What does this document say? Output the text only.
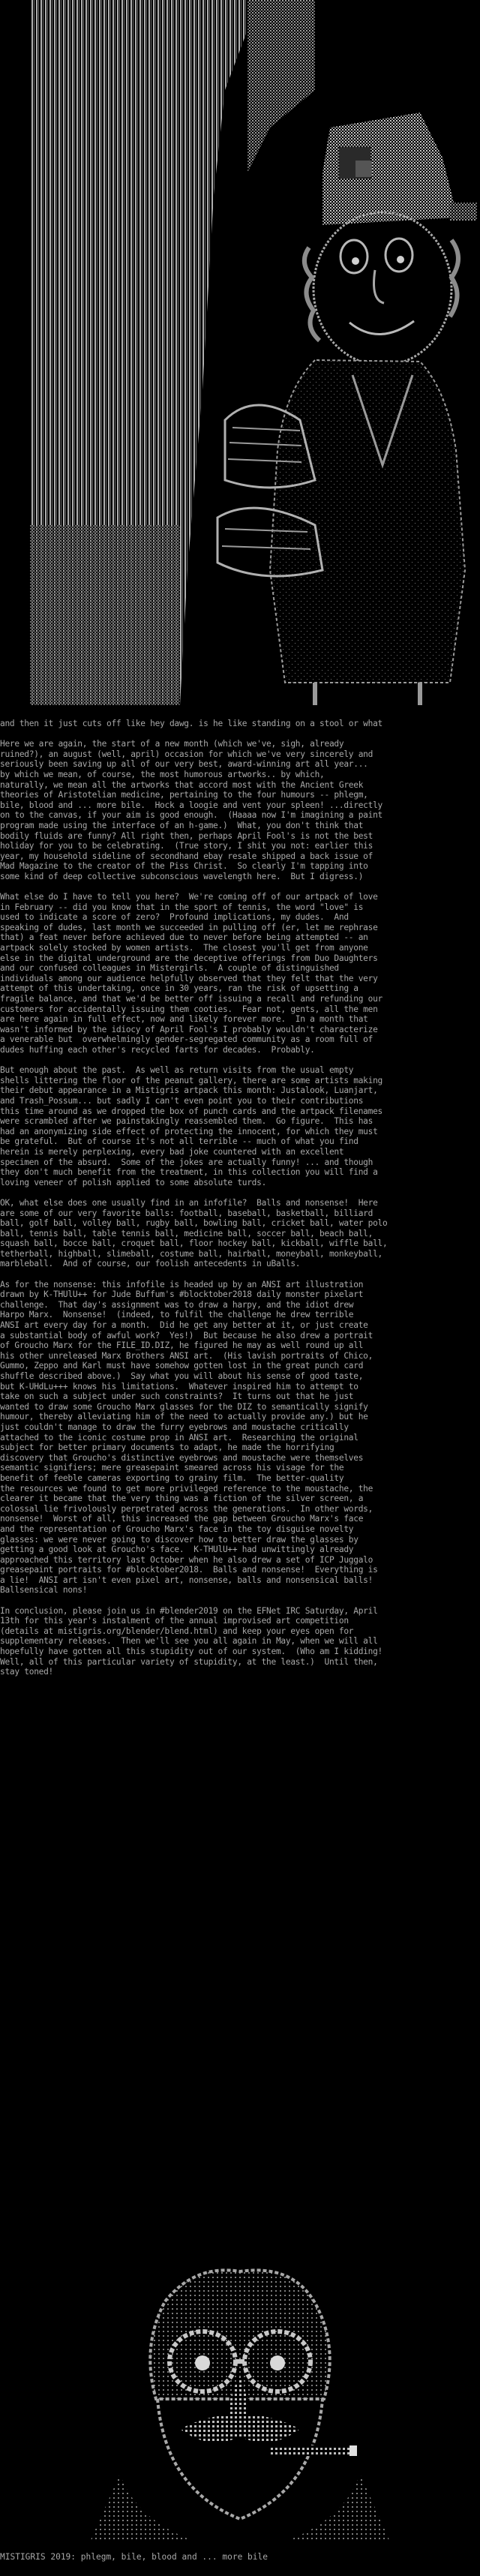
and then it just cuts off like hey dawg. is he like standing on a stool or what

Here we are again, the start of a new month (which we've, sigh, already
ruined?), an august (well, april) occasion for which we've very sincerely and
seriously been saving up all of our very best, award-winning art all year...
by which we mean, of course, the most humorous artworks.. by which,
naturally, we mean all the artworks that accord most with the Ancient Greek
theories of Aristotelian medicine, pertaining to the four humours -- phlegm,
bile, blood and ... more bile.  Hock a loogie and vent your spleen! ...directly
on to the canvas, if your aim is good enough.  (Haaaa now I'm imagining a paint
program made using the interface of an h-game.)  What, you don't think that
bodily fluids are funny? All right then, perhaps April Fool's is not the best
holiday for you to be celebrating.  (True story, I shit you not: earlier this
year, my household sideline of secondhand ebay resale shipped a back issue of
Mad Magazine to the creator of the Piss Christ.  So clearly I'm tapping into
some kind of deep collective subconscious wavelength here.  But I digress.)

What else do I have to tell you here?  We're coming off of our artpack of love
in February -- did you know that in the sport of tennis, the word "love" is
used to indicate a score of zero?  Profound implications, my dudes.  And
speaking of dudes, last month we succeeded in pulling off (er, let me rephrase
that) a feat never before achieved due to never before being attempted -- an
artpack solely stocked by women artists.  The closest you'll get from anyone
else in the digital underground are the deceptive offerings from Duo Daughters
and our confused colleagues in Mistergirls.  A couple of distinguished
individuals among our audience helpfully observed that they felt that the very
attempt of this undertaking, once in 30 years, ran the risk of upsetting a
fragile balance, and that we'd be better off issuing a recall and refunding our
customers for accidentally issuing them cooties.  Fear not, gents, all the men
are here again in full effect, now and likely forever more.  In a month that
wasn't informed by the idiocy of April Fool's I probably wouldn't characterize
a venerable but  overwhelmingly gender-segregated community as a room full of
dudes huffing each other's recycled farts for decades.  Probably.

But enough about the past.  As well as return visits from the usual empty
shells littering the floor of the peanut gallery, there are some artists making
their debut appearance in a Mistigris artpack this month: Justalook, Luanjart,
and Trash_Possum... but sadly I can't even point you to their contributions
this time around as we dropped the box of punch cards and the artpack filenames
were scrambled after we painstakingly reassembled them.  Go figure.  This has
had an anonymizing side effect of protecting the innocent, for which they must
be grateful.  But of course it's not all terrible -- much of what you find
herein is merely perplexing, every bad joke countered with an excellent
specimen of the absurd.  Some of the jokes are actually funny! ... and though
they don't much benefit from the treatment, in this collection you will find a
loving veneer of polish applied to some absolute turds.

OK, what else does one usually find in an infofile?  Balls and nonsense!  Here
are some of our very favorite balls: football, baseball, basketball, billiard
ball, golf ball, volley ball, rugby ball, bowling ball, cricket ball, water polo
ball, tennis ball, table tennis ball, medicine ball, soccer ball, beach ball,
squash ball, bocce ball, croquet ball, floor hockey ball, kickball, wiffle ball,
tetherball, highball, slimeball, costume ball, hairball, moneyball, monkeyball,
marbleball.  And of course, our foolish antecedents in uBalls.

As for the nonsense: this infofile is headed up by an ANSI art illustration
drawn by K-THUlU++ for Jude Buffum's #blocktober2018 daily monster pixelart
challenge.  That day's assignment was to draw a harpy, and the idiot drew
Harpo Marx.  Nonsense!  (indeed, to fulfil the challenge he drew terrible
ANSI art every day for a month.  Did he get any better at it, or just create
a substantial body of awful work?  Yes!)  But because he also drew a portrait
of Groucho Marx for the FILE_ID.DIZ, he figured he may as well round up all
his other unreleased Marx Brothers ANSI art.  (His lavish portraits of Chico,
Gummo, Zeppo and Karl must have somehow gotten lost in the great punch card
shuffle described above.)  Say what you will about his sense of good taste,
but K-UHdLu+++ knows his limitations.  Whatever inspired him to attempt to
take on such a subject under such constraints?  It turns out that he just
wanted to draw some Groucho Marx glasses for the DIZ to semantically signify
humour, thereby alleviating him of the need to actually provide any.) but he
just couldn't manage to draw the furry eyebrows and moustache critically
attached to the iconic costume prop in ANSI art.  Researching the original
subject for better primary documents to adapt, he made the horrifying
discovery that Groucho's distinctive eyebrows and moustache were themselves
semantic signifiers; mere greasepaint smeared across his visage for the
benefit of feeble cameras exporting to grainy film.  The better-quality
the resources we found to get more privileged reference to the moustache, the
clearer it became that the very thing was a fiction of the silver screen, a
colossal lie frivolously perpetrated across the generations.  In other words,
nonsense!  Worst of all, this increased the gap between Groucho Marx's face
and the representation of Groucho Marx's face in the toy disguise novelty
glasses: we were never going to discover how to better draw the glasses by
getting a good look at Groucho's face.  K-THUlU++ had unwittingly already
approached this territory last October when he also drew a set of ICP Juggalo
greasepaint portraits for #blocktober2018.  Balls and nonsense!  Everything is
a lie!  ANSI art isn't even pixel art, nonsense, balls and nonsensical balls!
Ballsensical nons!

In conclusion, please join us in #blender2019 on the EFNet IRC Saturday, April
13th for this year's instalment of the annual improvised art competition
(details at mistigris.org/blender/blend.html) and keep your eyes open for
supplementary releases.  Then we'll see you all again in May, when we will all
hopefully have gotten all this stupidity out of our system.  (Who am I kidding!
Well, all of this particular variety of stupidity, at the least.)  Until then,
stay toned!
MISTIGRIS 2019: phlegm, bile, blood and ... more bile
